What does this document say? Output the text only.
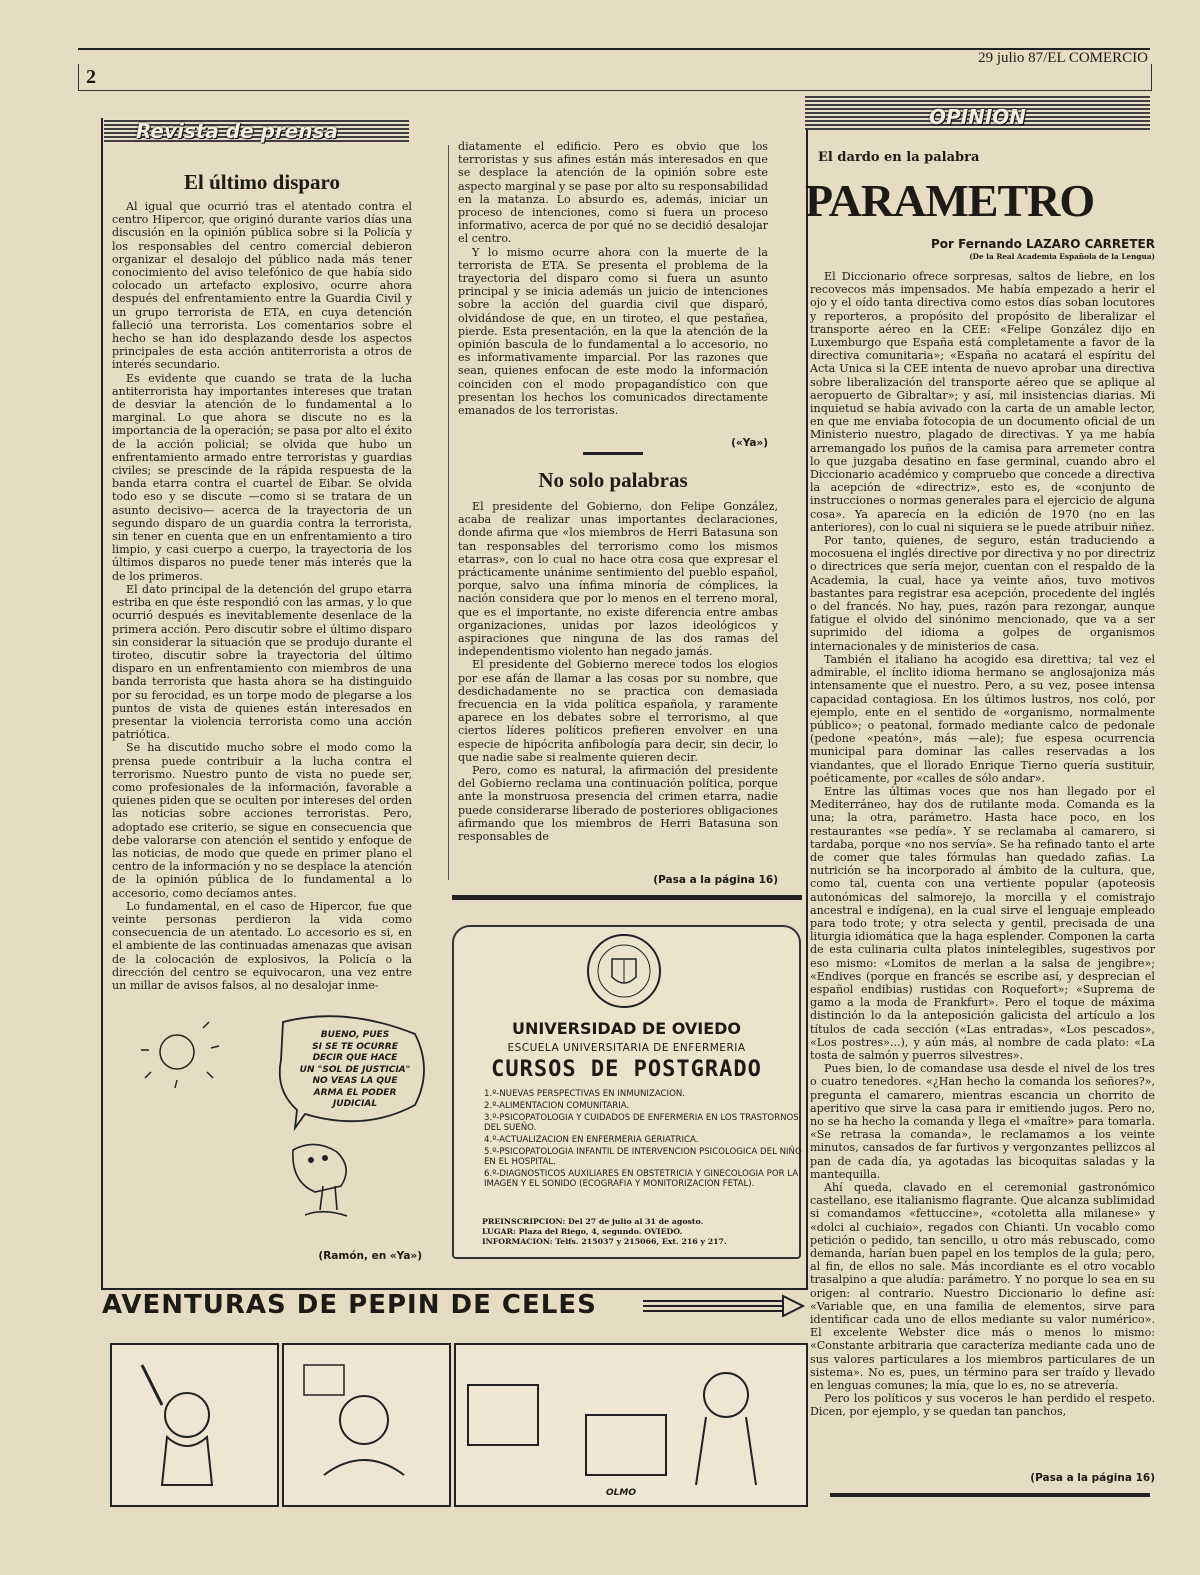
2
29 julio 87/EL COMERCIO
Revista de prensa
El último disparo

Al igual que ocurrió tras el atentado contra el centro Hipercor, que originó durante varios días una discusión en la opinión pública sobre si la Policía y los responsables del centro comercial debieron organizar el desalojo del público nada más tener conocimiento del aviso telefónico de que había sido colocado un artefacto explosivo, ocurre ahora después del enfrentamiento entre la Guardia Civil y un grupo terrorista de ETA, en cuya detención falleció una terrorista. Los comentarios sobre el hecho se han ido desplazando desde los aspectos principales de esta acción antiterrorista a otros de interés secundario.

Es evidente que cuando se trata de la lucha antiterrorista hay importantes intereses que tratan de desviar la atención de lo fundamental a lo marginal. Lo que ahora se discute no es la importancia de la operación; se pasa por alto el éxito de la acción policial; se olvida que hubo un enfrentamiento armado entre terroristas y guardias civiles; se prescinde de la rápida respuesta de la banda etarra contra el cuartel de Eibar. Se olvida todo eso y se discute —como si se tratara de un asunto decisivo— acerca de la trayectoria de un segundo disparo de un guardia contra la terrorista, sin tener en cuenta que en un enfrentamiento a tiro limpio, y casi cuerpo a cuerpo, la trayectoria de los últimos disparos no puede tener más interés que la de los primeros.

El dato principal de la detención del grupo etarra estriba en que éste respondió con las armas, y lo que ocurrió después es inevitablemente desenlace de la primera acción. Pero discutir sobre el último disparo sin considerar la situación que se produjo durante el tiroteo, discutir sobre la trayectoria del último disparo en un enfrentamiento con miembros de una banda terrorista que hasta ahora se ha distinguido por su ferocidad, es un torpe modo de plegarse a los puntos de vista de quienes están interesados en presentar la violencia terrorista como una acción patriótica.

Se ha discutido mucho sobre el modo como la prensa puede contribuir a la lucha contra el terrorismo. Nuestro punto de vista no puede ser, como profesionales de la información, favorable a quienes piden que se oculten por intereses del orden las noticias sobre acciones terroristas. Pero, adoptado ese criterio, se sigue en consecuencia que debe valorarse con atención el sentido y enfoque de las noticias, de modo que quede en primer plano el centro de la información y no se desplace la atención de la opinión pública de lo fundamental a lo accesorio, como decíamos antes.

Lo fundamental, en el caso de Hipercor, fue que veinte personas perdieron la vida como consecuencia de un atentado. Lo accesorio es si, en el ambiente de las continuadas amenazas que avisan de la colocación de explosivos, la Policía o la dirección del centro se equivocaron, una vez entre un millar de avisos falsos, al no desalojar inme-

diatamente el edificio. Pero es obvio que los terroristas y sus afines están más interesados en que se desplace la atención de la opinión sobre este aspecto marginal y se pase por alto su responsabilidad en la matanza. Lo absurdo es, además, iniciar un proceso de intenciones, como si fuera un proceso informativo, acerca de por qué no se decidió desalojar el centro.

Y lo mismo ocurre ahora con la muerte de la terrorista de ETA. Se presenta el problema de la trayectoria del disparo como si fuera un asunto principal y se inicia además un juicio de intenciones sobre la acción del guardia civil que disparó, olvidándose de que, en un tiroteo, el que pestañea, pierde. Esta presentación, en la que la atención de la opinión bascula de lo fundamental a lo accesorio, no es informativamente imparcial. Por las razones que sean, quienes enfocan de este modo la información coinciden con el modo propagandístico con que presentan los hechos los comunicados directamente emanados de los terroristas.

(«Ya»)
No solo palabras

El presidente del Gobierno, don Felipe González, acaba de realizar unas importantes declaraciones, donde afirma que «los miembros de Herri Batasuna son tan responsables del terrorismo como los mismos etarras», con lo cual no hace otra cosa que expresar el prácticamente unánime sentimiento del pueblo español, porque, salvo una ínfima minoría de cómplices, la nación considera que por lo menos en el terreno moral, que es el importante, no existe diferencia entre ambas organizaciones, unidas por lazos ideológicos y aspiraciones que ninguna de las dos ramas del independentismo violento han negado jamás.

El presidente del Gobierno merece todos los elogios por ese afán de llamar a las cosas por su nombre, que desdichadamente no se practica con demasiada frecuencia en la vida política española, y raramente aparece en los debates sobre el terrorismo, al que ciertos líderes políticos prefieren envolver en una especie de hipócrita anfibología para decir, sin decir, lo que nadie sabe si realmente quieren decir.

Pero, como es natural, la afirmación del presidente del Gobierno reclama una continuación política, porque ante la monstruosa presencia del crimen etarra, nadie puede considerarse liberado de posteriores obligaciones afirmando que los miembros de Herri Batasuna son responsables de

(Pasa a la página 16)
BUENO, PUES
SI SE TE OCURRE
DECIR QUE HACE
UN "SOL DE JUSTICIA"
NO VEAS LA QUE
ARMA EL PODER
JUDICIAL
(Ramón, en «Ya»)
UNIVERSIDAD DE OVIEDO
ESCUELA UNIVERSITARIA DE ENFERMERIA
CURSOS DE POSTGRADO
1.º-NUEVAS PERSPECTIVAS EN INMUNIZACION.
2.º-ALIMENTACION COMUNITARIA.
3.º-PSICOPATOLOGIA Y CUIDADOS DE ENFERMERIA EN LOS TRASTORNOS DEL SUEÑO.
4.º-ACTUALIZACION EN ENFERMERIA GERIATRICA.
5.º-PSICOPATOLOGIA INFANTIL DE INTERVENCION PSICOLOGICA DEL NIÑO EN EL HOSPITAL.
6.º-DIAGNOSTICOS AUXILIARES EN OBSTETRICIA Y GINECOLOGIA POR LA IMAGEN Y EL SONIDO (ECOGRAFIA Y MONITORIZACION FETAL).
PREINSCRIPCION: Del 27 de julio al 31 de agosto.
LUGAR: Plaza del Riego, 4, segundo. OVIEDO.
INFORMACION: Telfs. 215037 y 215066, Ext. 216 y 217.
AVENTURAS DE PEPIN DE CELES
OLMO
OPINION
El dardo en la palabra
PARAMETRO
Por Fernando LAZARO CARRETER
(De la Real Academia Española de la Lengua)

El Diccionario ofrece sorpresas, saltos de liebre, en los recovecos más impensados. Me había empezado a herir el ojo y el oído tanta directiva como estos días soban locutores y reporteros, a propósito del propósito de liberalizar el transporte aéreo en la CEE: «Felipe González dijo en Luxemburgo que España está completamente a favor de la directiva comunitaria»; «España no acatará el espíritu del Acta Unica si la CEE intenta de nuevo aprobar una directiva sobre liberalización del transporte aéreo que se aplique al aeropuerto de Gibraltar»; y así, mil insistencias diarias. Mi inquietud se había avivado con la carta de un amable lector, en que me enviaba fotocopia de un documento oficial de un Ministerio nuestro, plagado de directivas. Y ya me había arremangado los puños de la camisa para arremeter contra lo que juzgaba desatino en fase germinal, cuando abro el Diccionario académico y compruebo que concede a directiva la acepción de «directriz», esto es, de «conjunto de instrucciones o normas generales para el ejercicio de alguna cosa». Ya aparecía en la edición de 1970 (no en las anteriores), con lo cual ni siquiera se le puede atribuir niñez.

Por tanto, quienes, de seguro, están traduciendo a mocosuena el inglés directive por directiva y no por directriz o directrices que sería mejor, cuentan con el respaldo de la Academia, la cual, hace ya veinte años, tuvo motivos bastantes para registrar esa acepción, procedente del inglés o del francés. No hay, pues, razón para rezongar, aunque fatigue el olvido del sinónimo mencionado, que va a ser suprimido del idioma a golpes de organismos internacionales y de ministerios de casa.

También el italiano ha acogido esa direttiva; tal vez el admirable, el ínclito idioma hermano se anglosajoniza más intensamente que el nuestro. Pero, a su vez, posee intensa capacidad contagiosa. En los últimos lustros, nos coló, por ejemplo, ente en el sentido de «organismo, normalmente público»; o peatonal, formado mediante calco de pedonale (pedone «peatón», más —ale); fue espesa ocurrencia municipal para dominar las calles reservadas a los viandantes, que el llorado Enrique Tierno quería sustituir, poéticamente, por «calles de sólo andar».

Entre las últimas voces que nos han llegado por el Mediterráneo, hay dos de rutilante moda. Comanda es la una; la otra, parámetro. Hasta hace poco, en los restaurantes «se pedía». Y se reclamaba al camarero, si tardaba, porque «no nos servía». Se ha refinado tanto el arte de comer que tales fórmulas han quedado zafias. La nutrición se ha incorporado al ámbito de la cultura, que, como tal, cuenta con una vertiente popular (apoteosis autonómicas del salmorejo, la morcilla y el comistrajo ancestral e indígena), en la cual sirve el lenguaje empleado para todo trote; y otra selecta y gentil, precisada de una liturgia idiomática que la haga esplender. Componen la carta de esta culinaria culta platos inintelegibles, sugestivos por eso mismo: «Lomitos de merlan a la salsa de jengibre»; «Endives (porque en francés se escribe así, y desprecian el español endibias) rustidas con Roquefort»; «Suprema de gamo a la moda de Frankfurt». Pero el toque de máxima distinción lo da la anteposición galicista del artículo a los títulos de cada sección («Las entradas», «Los pescados», «Los postres»...), y aún más, al nombre de cada plato: «La tosta de salmón y puerros silvestres».

Pues bien, lo de comandase usa desde el nivel de los tres o cuatro tenedores. «¿Han hecho la comanda los señores?», pregunta el camarero, mientras escancia un chorrito de aperitivo que sirve la casa para ir emitiendo jugos. Pero no, no se ha hecho la comanda y llega el «maître» para tomarla. «Se retrasa la comanda», le reclamamos a los veinte minutos, cansados de far furtivos y vergonzantes pellizcos al pan de cada día, ya agotadas las bicoquitas saladas y la mantequilla.

Ahí queda, clavado en el ceremonial gastronómico castellano, ese italianismo flagrante. Que alcanza sublimidad si comandamos «fettuccine», «cotoletta alla milanese» y «dolci al cuchiaio», regados con Chianti. Un vocablo como petición o pedido, tan sencillo, u otro más rebuscado, como demanda, harían buen papel en los templos de la gula; pero, al fin, de ellos no sale. Más incordiante es el otro vocablo trasalpino a que aludía: parámetro. Y no porque lo sea en su origen: al contrario. Nuestro Diccionario lo define así: «Variable que, en una familia de elementos, sirve para identificar cada uno de ellos mediante su valor numérico». El excelente Webster dice más o menos lo mismo: «Constante arbitraria que caracteriza mediante cada uno de sus valores particulares a los miembros particulares de un sistema». No es, pues, un término para ser traído y llevado en lenguas comunes; la mía, que lo es, no se atrevería.

Pero los políticos y sus voceros le han perdido el respeto. Dicen, por ejemplo, y se quedan tan panchos,

(Pasa a la página 16)
